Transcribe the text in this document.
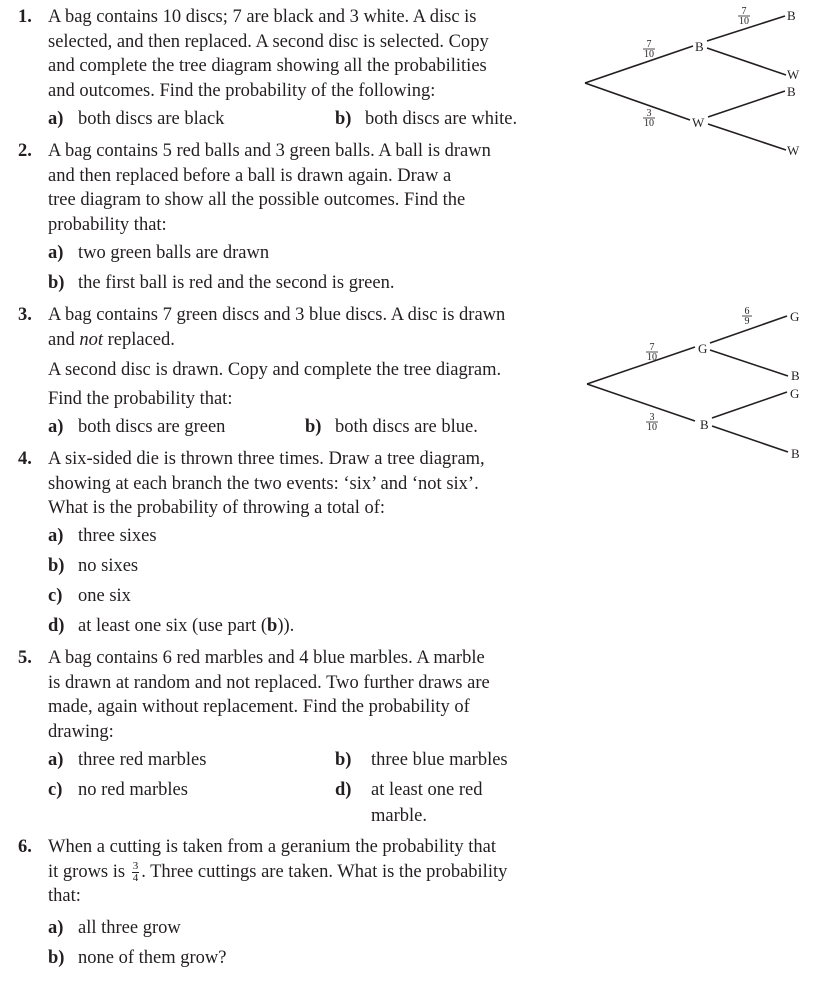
1. A bag contains 10 discs; 7 are black and 3 white. A disc is
selected, and then replaced. A second disc is selected. Copy
and complete the tree diagram showing all the probabilities
and outcomes. Find the probability of the following:
a) both discs are black	b) both discs are white.
2. A bag contains 5 red balls and 3 green balls. A ball is drawn
and then replaced before a ball is drawn again. Draw a
tree diagram to show all the possible outcomes. Find the
probability that:
a) two green balls are drawn
b) the first ball is red and the second is green.
3. A bag contains 7 green discs and 3 blue discs. A disc is drawn
and not replaced.
A second disc is drawn. Copy and complete the tree diagram.
Find the probability that:
a) both discs are green	b) both discs are blue.
4. A six-sided die is thrown three times. Draw a tree diagram,
showing at each branch the two events: ‘six’ and ‘not six’.
What is the probability of throwing a total of:
a) three sixes
b) no sixes
c) one six
d) at least one six (use part (b)).
5. A bag contains 6 red marbles and 4 blue marbles. A marble
is drawn at random and not replaced. Two further draws are
made, again without replacement. Find the probability of
drawing:
a) three red marbles	b) three blue marbles
c) no red marbles	d) at least one red
marble.
6. When a cutting is taken from a geranium the probability that
it grows is $\frac{3}{4}$ . Three cuttings are taken. What is the probability
that:
a) all three grow
b) none of them grow?
B
W
B
W
B
W
7
10
3
10
7
10
G
B
G
B
G
B
7
10
3
10
6
9
